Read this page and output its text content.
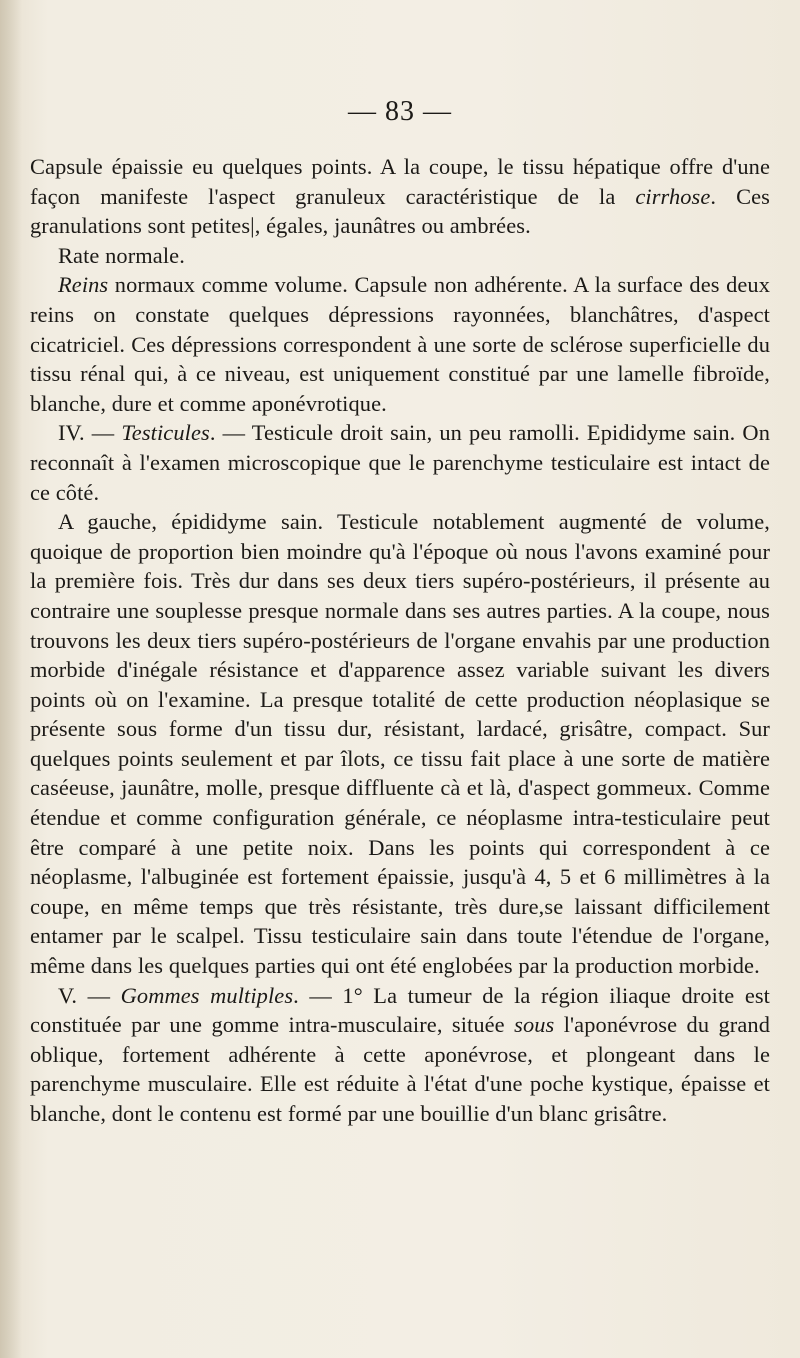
— 83 —

Capsule épaissie eu quelques points. A la coupe, le tissu hépatique offre d'une façon manifeste l'aspect granuleux caractéristique de la cirrhose. Ces granulations sont petites|, égales, jaunâtres ou ambrées.

Rate normale.

Reins normaux comme volume. Capsule non adhérente. A la surface des deux reins on constate quelques dépressions rayonnées, blanchâtres, d'aspect cicatriciel. Ces dépressions correspondent à une sorte de sclérose superficielle du tissu rénal qui, à ce niveau, est uniquement constitué par une lamelle fibroïde, blanche, dure et comme aponévrotique.

IV. — Testicules. — Testicule droit sain, un peu ramolli. Epididyme sain. On reconnaît à l'examen microscopique que le parenchyme testiculaire est intact de ce côté.

A gauche, épididyme sain. Testicule notablement augmenté de volume, quoique de proportion bien moindre qu'à l'époque où nous l'avons examiné pour la première fois. Très dur dans ses deux tiers supéro-postérieurs, il présente au contraire une souplesse presque normale dans ses autres parties. A la coupe, nous trouvons les deux tiers supéro-postérieurs de l'organe envahis par une production morbide d'inégale résistance et d'apparence assez variable suivant les divers points où on l'examine. La presque totalité de cette production néoplasique se présente sous forme d'un tissu dur, résistant, lardacé, grisâtre, compact. Sur quelques points seulement et par îlots, ce tissu fait place à une sorte de matière caséeuse, jaunâtre, molle, presque diffluente cà et là, d'aspect gommeux. Comme étendue et comme configuration générale, ce néoplasme intra-testiculaire peut être comparé à une petite noix. Dans les points qui correspondent à ce néoplasme, l'albuginée est fortement épaissie, jusqu'à 4, 5 et 6 millimètres à la coupe, en même temps que très résistante, très dure,se laissant difficilement entamer par le scalpel. Tissu testiculaire sain dans toute l'étendue de l'organe, même dans les quelques parties qui ont été englobées par la production morbide.

V. — Gommes multiples. — 1° La tumeur de la région iliaque droite est constituée par une gomme intra-musculaire, située sous l'aponévrose du grand oblique, fortement adhérente à cette aponévrose, et plongeant dans le parenchyme musculaire. Elle est réduite à l'état d'une poche kystique, épaisse et blanche, dont le contenu est formé par une bouillie d'un blanc grisâtre.
